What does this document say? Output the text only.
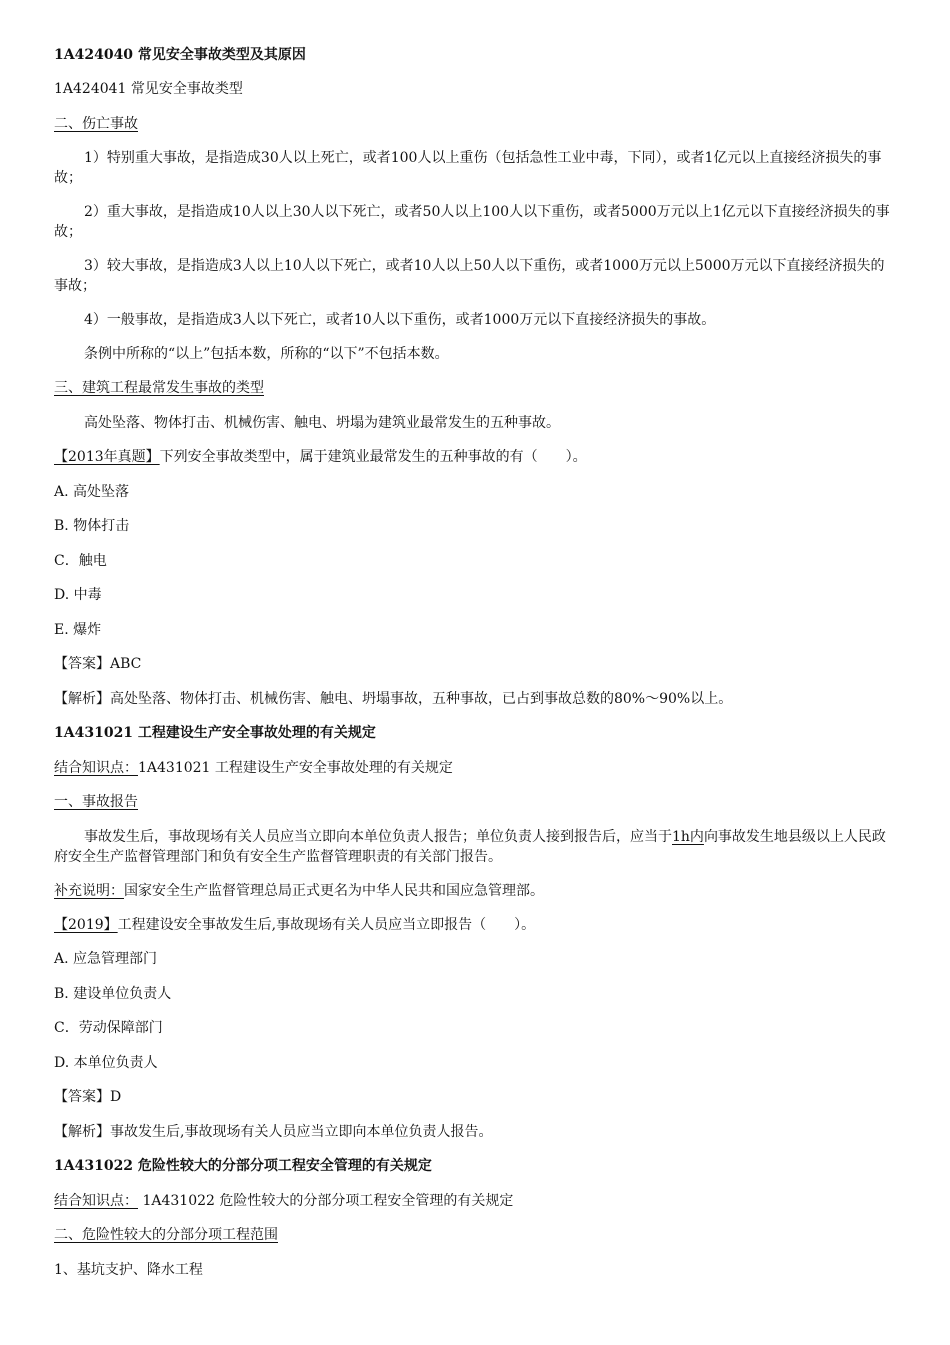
1A424040 常见安全事故类型及其原因
1A424041 常见安全事故类型
二、伤亡事故
1）特别重大事故，是指造成30人以上死亡，或者100人以上重伤（包括急性工业中毒，下同），或者1亿元以上直接经济损失的事故；
2）重大事故，是指造成10人以上30人以下死亡，或者50人以上100人以下重伤，或者5000万元以上1亿元以下直接经济损失的事故；
3）较大事故，是指造成3人以上10人以下死亡，或者10人以上50人以下重伤，或者1000万元以上5000万元以下直接经济损失的事故；
4）一般事故，是指造成3人以下死亡，或者10人以下重伤，或者1000万元以下直接经济损失的事故。
条例中所称的“以上”包括本数，所称的“以下”不包括本数。
三、建筑工程最常发生事故的类型
高处坠落、物体打击、机械伤害、触电、坍塌为建筑业最常发生的五种事故。
【2013年真题】下列安全事故类型中，属于建筑业最常发生的五种事故的有（　　）。
A. 高处坠落
B. 物体打击
C．触电
D. 中毒
E. 爆炸
【答案】ABC
【解析】高处坠落、物体打击、机械伤害、触电、坍塌事故，五种事故，已占到事故总数的80%～90%以上。
1A431021 工程建设生产安全事故处理的有关规定
结合知识点：1A431021 工程建设生产安全事故处理的有关规定
一、事故报告
事故发生后，事故现场有关人员应当立即向本单位负责人报告；单位负责人接到报告后，应当于1h内向事故发生地县级以上人民政府安全生产监督管理部门和负有安全生产监督管理职责的有关部门报告。
补充说明：国家安全生产监督管理总局正式更名为中华人民共和国应急管理部。
【2019】工程建设安全事故发生后,事故现场有关人员应当立即报告（　　）。
A. 应急管理部门
B. 建设单位负责人
C．劳动保障部门
D. 本单位负责人
【答案】D
【解析】事故发生后,事故现场有关人员应当立即向本单位负责人报告。
1A431022 危险性较大的分部分项工程安全管理的有关规定
结合知识点： 1A431022 危险性较大的分部分项工程安全管理的有关规定
二、危险性较大的分部分项工程范围
1、基坑支护、降水工程
